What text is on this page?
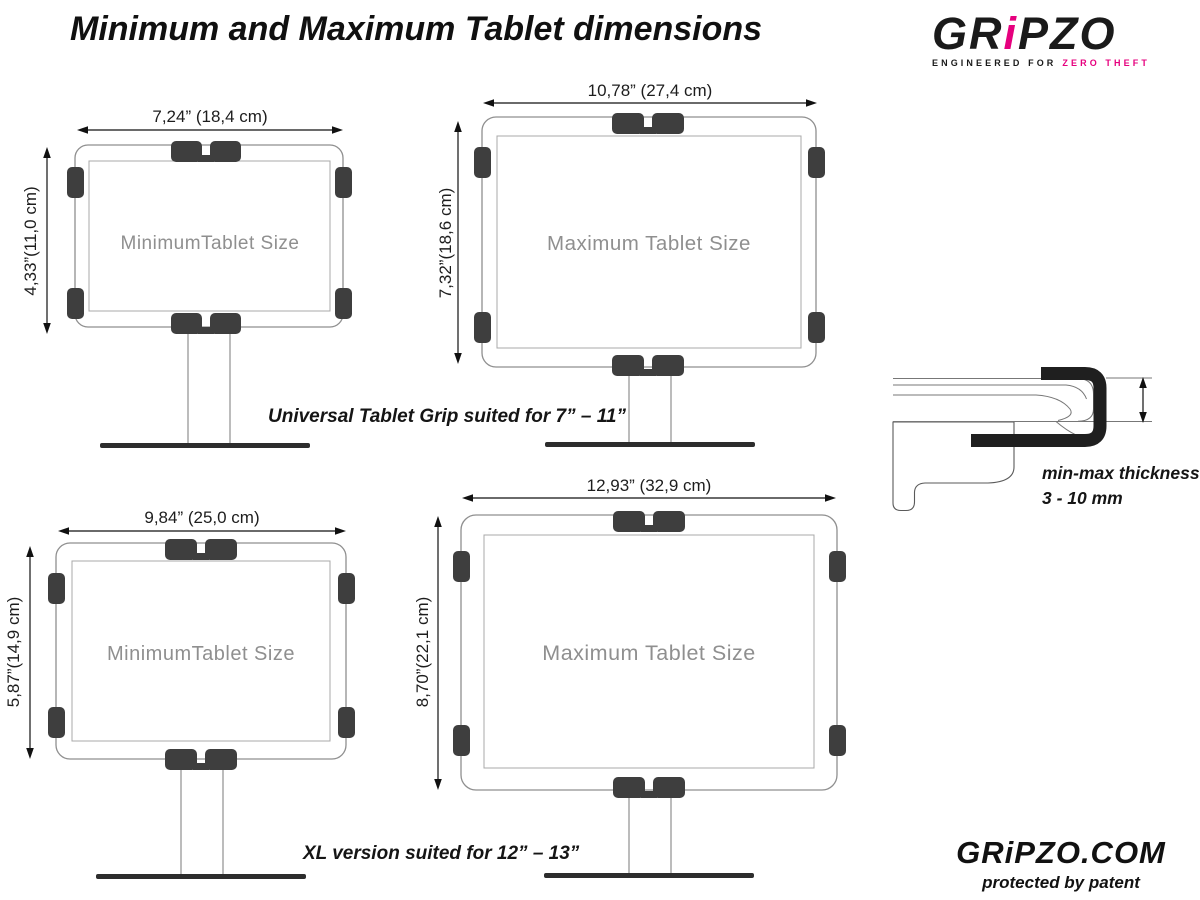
Minimum and Maximum Tablet dimensions	GRiPZO
ENGINEERED FOR ZERO THEFT
7,24” (18,4 cm)
4,33”(11,0 cm)	MinimumTablet Size
10,78” (27,4 cm)
7,32”(18,6 cm)	Maximum Tablet Size
9,84” (25,0 cm)
5,87”(14,9 cm)	MinimumTablet Size
12,93” (32,9 cm)
8,70”(22,1 cm)	Maximum Tablet Size
min-max thickness
3 - 10 mm
Universal Tablet Grip suited for 7” – 11”
XL version suited for 12” – 13”	GRiPZO.COM
protected by patent
